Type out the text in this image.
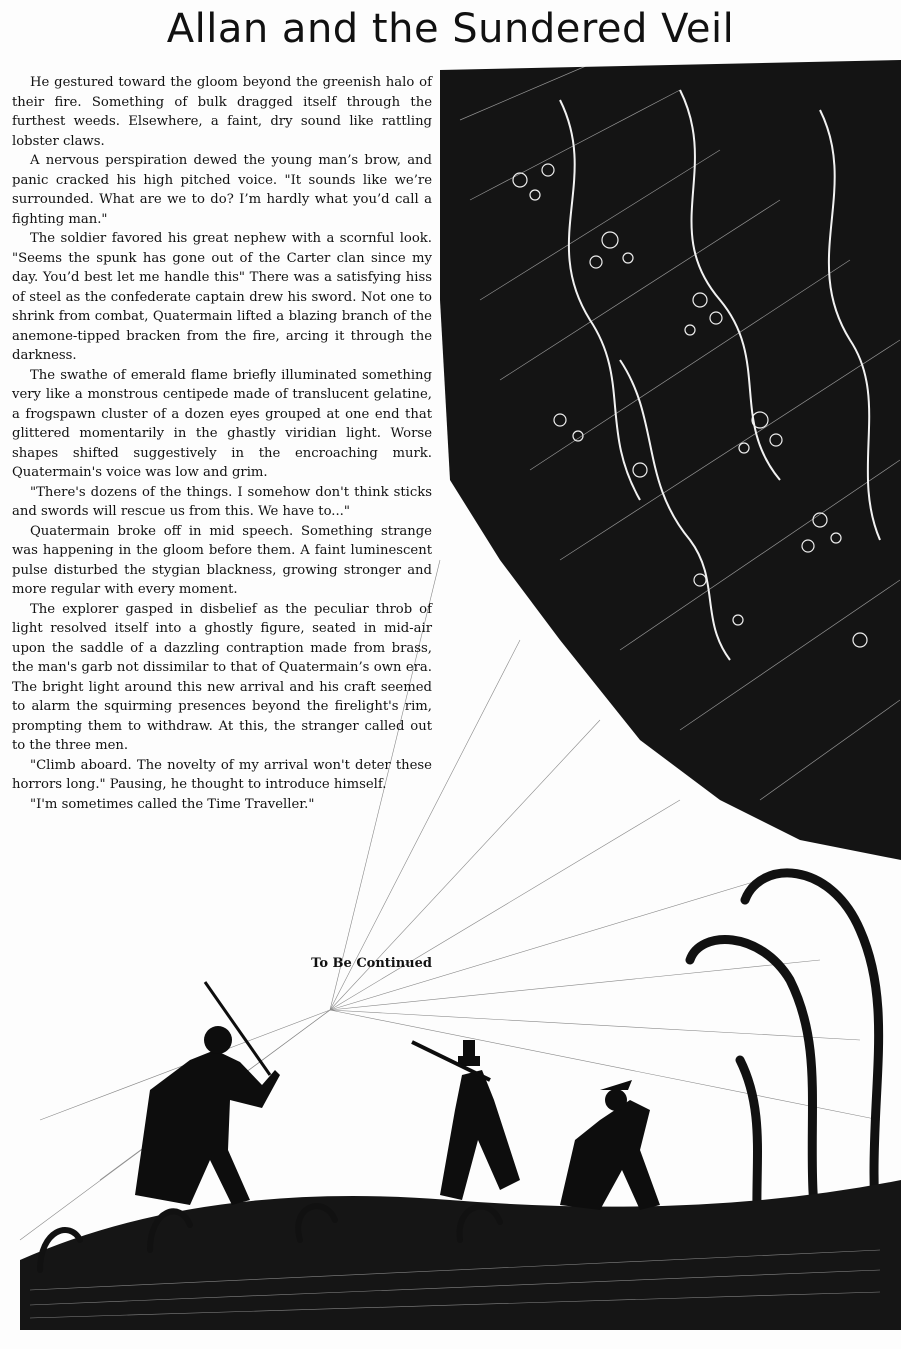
Allan and the Sundered Veil

He gestured toward the gloom beyond the greenish halo of their fire. Something of bulk dragged itself through the furthest weeds. Elsewhere, a faint, dry sound like rattling lobster claws.

A nervous perspiration dewed the young man’s brow, and panic cracked his high pitched voice. "It sounds like we’re surrounded. What are we to do? I’m hardly what you’d call a fighting man."

The soldier favored his great nephew with a scornful look. "Seems the spunk has gone out of the Carter clan since my day. You’d best let me handle this" There was a satisfying hiss of steel as the confederate captain drew his sword. Not one to shrink from combat, Quatermain lifted a blazing branch of the anemone-tipped bracken from the fire, arcing it through the darkness.

The swathe of emerald flame briefly illuminated something very like a monstrous centipede made of translucent gelatine, a frogspawn cluster of a dozen eyes grouped at one end that glittered momentarily in the ghastly viridian light. Worse shapes shifted suggestively in the encroaching murk. Quatermain's voice was low and grim.

"There's dozens of the things. I somehow don't think sticks and swords will rescue us from this. We have to..."

Quatermain broke off in mid speech. Something strange was happening in the gloom before them. A faint luminescent pulse disturbed the stygian blackness, growing stronger and more regular with every moment.

The explorer gasped in disbelief as the peculiar throb of light resolved itself into a ghostly figure, seated in mid-air upon the saddle of a dazzling contraption made from brass, the man's garb not dissimilar to that of Quatermain’s own era. The bright light around this new arrival and his craft seemed to alarm the squirming presences beyond the firelight's rim, prompting them to withdraw. At this, the stranger called out to the three men.

"Climb aboard. The novelty of my arrival won't deter these horrors long." Pausing, he thought to introduce himself.

"I'm sometimes called the Time Traveller."

To Be Continued
